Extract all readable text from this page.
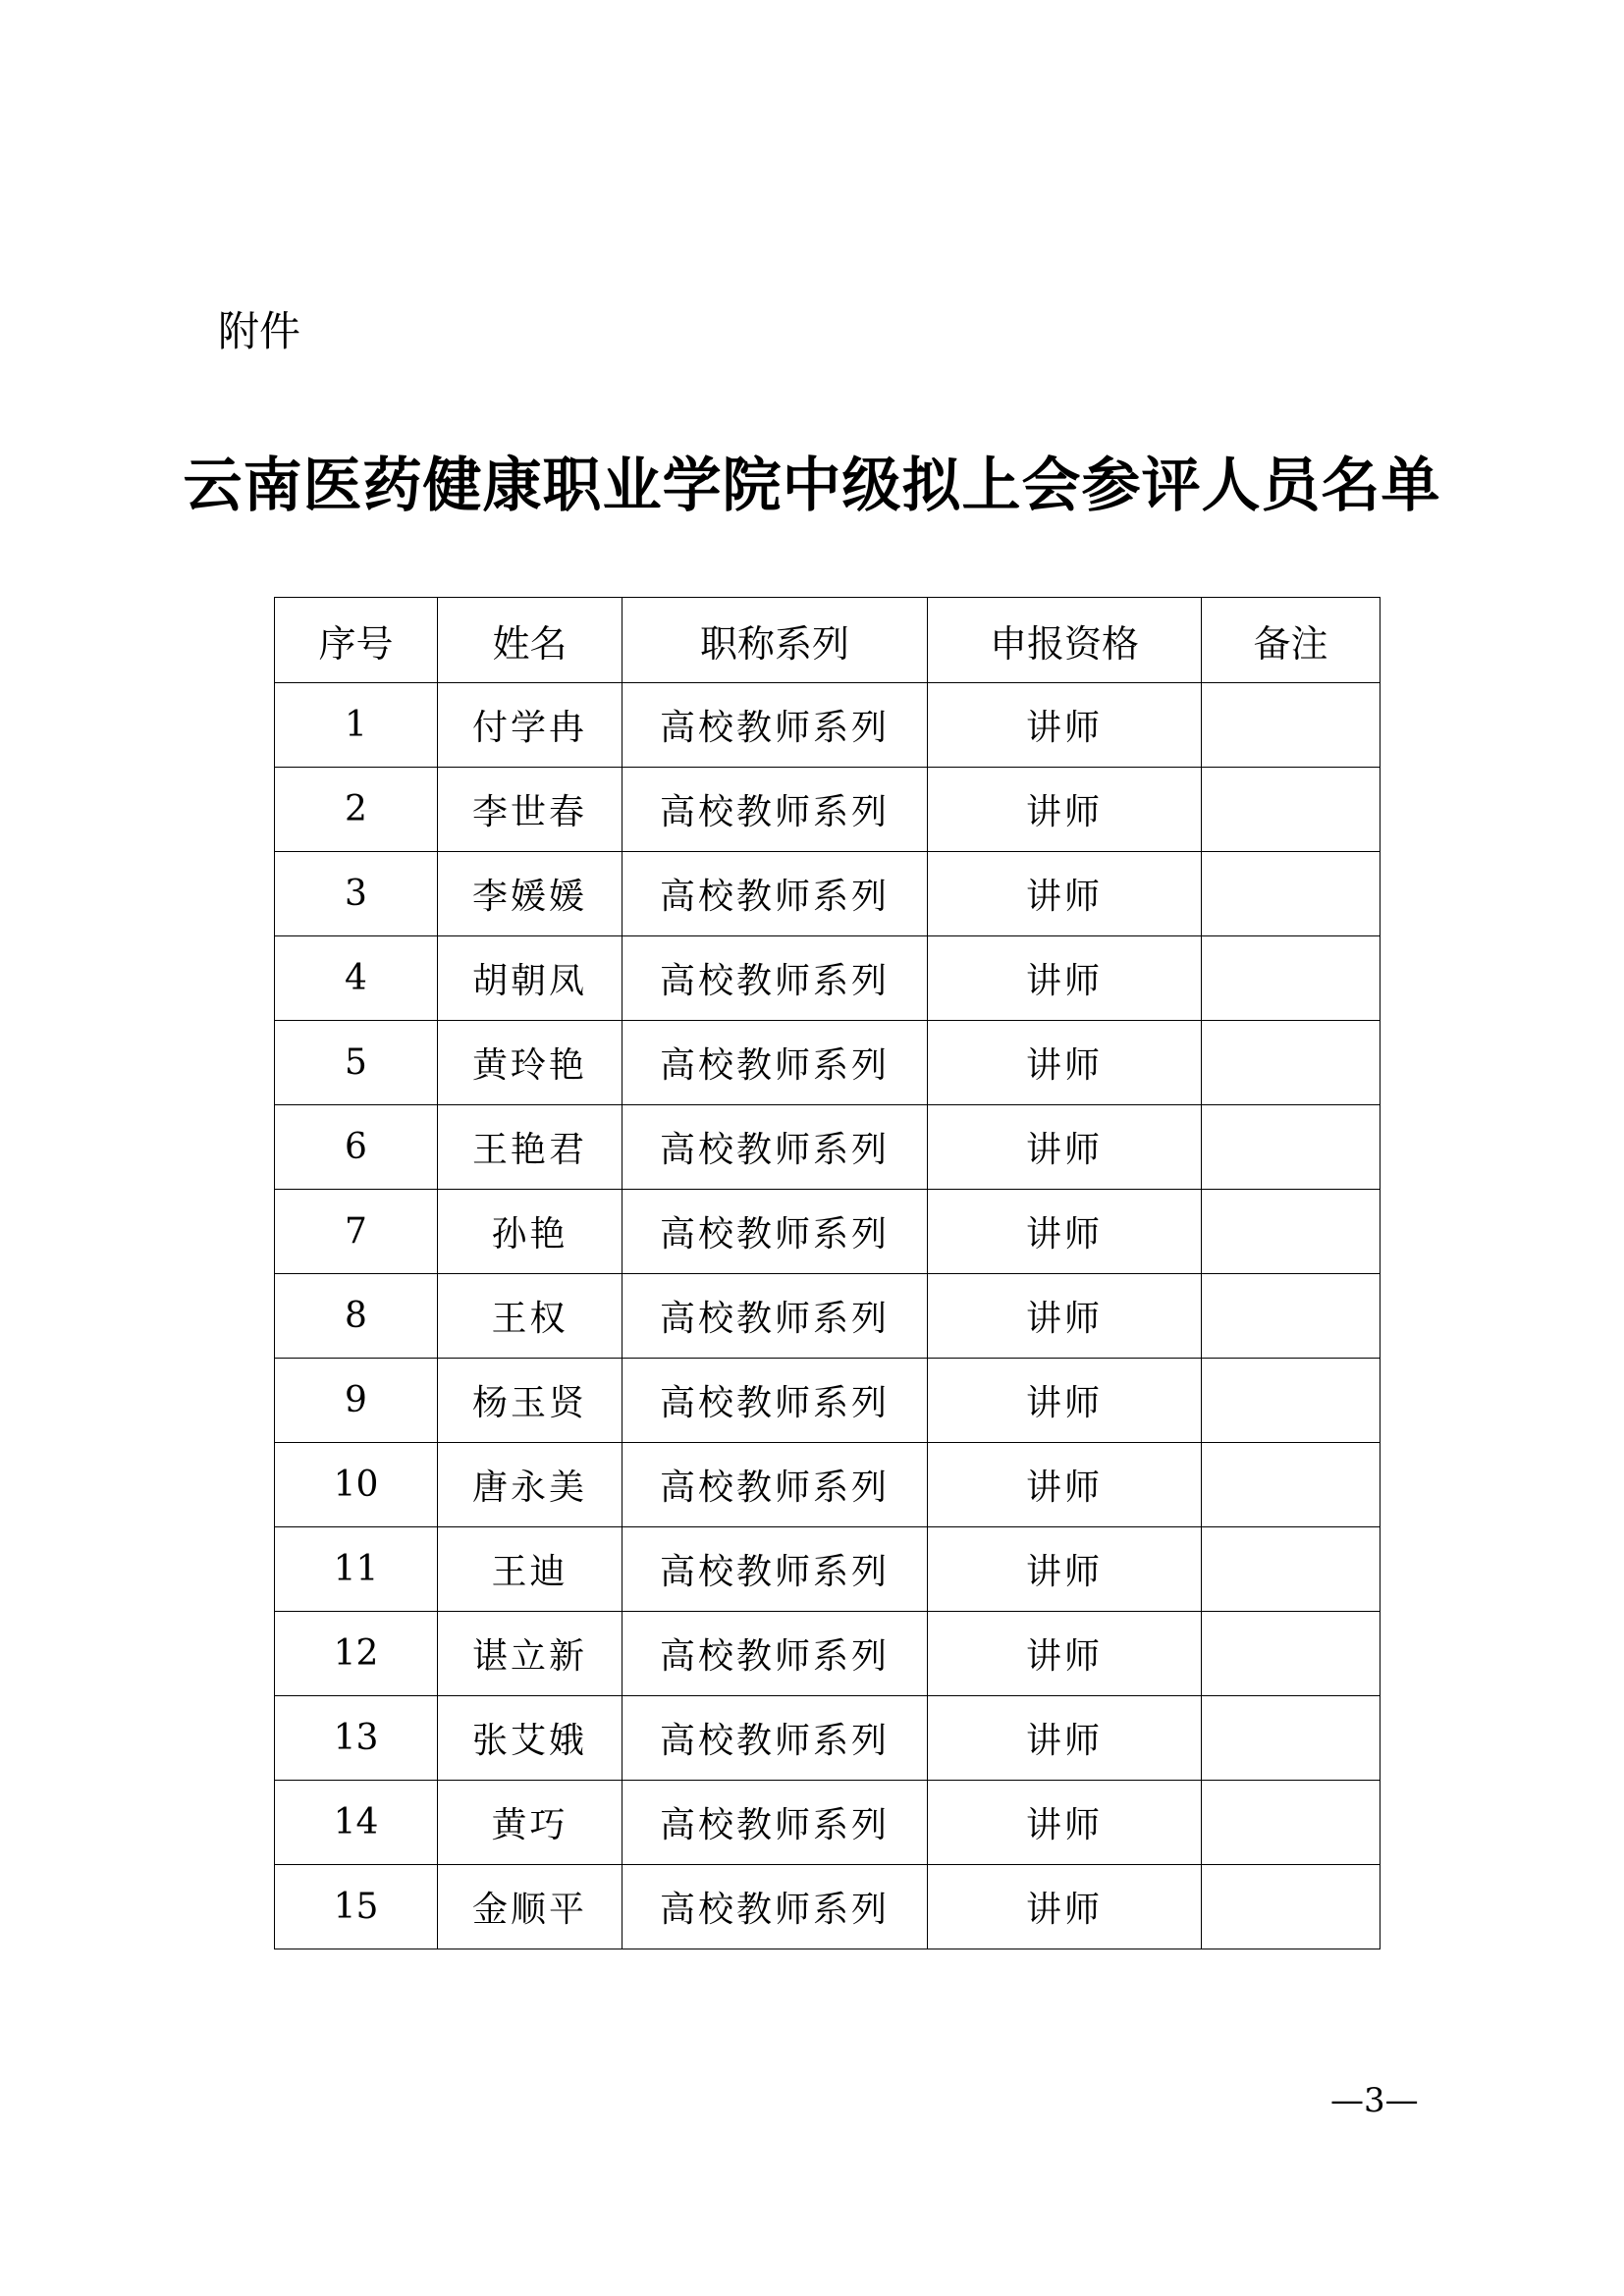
附件
云南医药健康职业学院中级拟上会参评人员名单
序号	姓名	职称系列	申报资格	备注
1	付学冉	高校教师系列	讲师	
2	李世春	高校教师系列	讲师	
3	李媛媛	高校教师系列	讲师	
4	胡朝凤	高校教师系列	讲师	
5	黄玲艳	高校教师系列	讲师	
6	王艳君	高校教师系列	讲师	
7	孙艳	高校教师系列	讲师	
8	王权	高校教师系列	讲师	
9	杨玉贤	高校教师系列	讲师	
10	唐永美	高校教师系列	讲师	
11	王迪	高校教师系列	讲师	
12	谌立新	高校教师系列	讲师	
13	张艾娥	高校教师系列	讲师	
14	黄巧	高校教师系列	讲师	
15	金顺平	高校教师系列	讲师	
—3—
